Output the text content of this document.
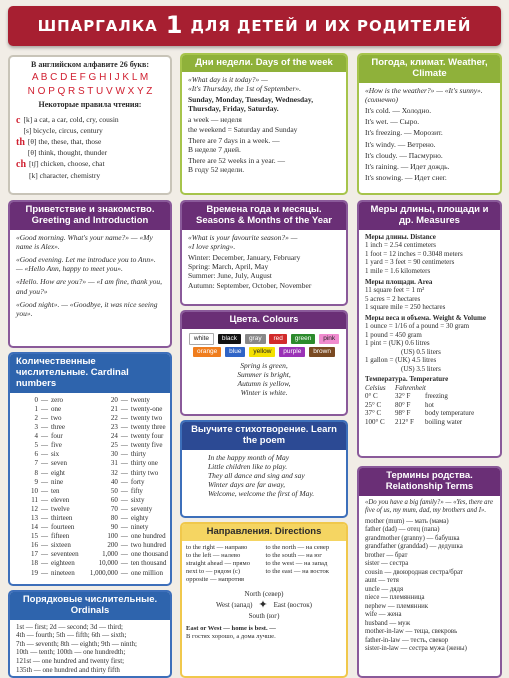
ШПАРГАЛКА 1 ДЛЯ ДЕТЕЙ И ИХ РОДИТЕЛЕЙ

В английском алфавите 26 букв:

A B C D E F G H I J K L M

N O P Q R S T U V W X Y Z

Некоторые правила чтения:

c [k] a cat, a car, cold, cry, cousin

[s] bicycle, circus, century

th [θ] the, these, that, those

[θ] think, thought, thunder

ch [tʃ] chicken, choose, chat

[k] character, chemistry

Дни недели. Days of the week

«What day is it today?» —

«It's Thursday, the 1st of September».

Sunday, Monday, Tuesday, Wednesday, Thursday, Friday, Saturday.

a week — неделя

the weekend = Saturday and Sunday

There are 7 days in a week. —

В неделе 7 дней.

There are 52 weeks in a year. —

В году 52 недели.

Погода, климат. Weather, Climate

«How is the weather?» — «It's sunny». (солнечно)

It's cold. — Холодно.

It's wet. — Сыро.

It's freezing. — Морозит.

It's windy. — Ветрено.

It's cloudy. — Пасмурно.

It's raining. — Идет дождь.

It's snowing. — Идет снег.

Приветствие и знакомство. Greeting and Introduction

«Good morning. What's your name?» — «My name is Alex».

«Good evening. Let me introduce you to Ann». — «Hello Ann, happy to meet you».

«Hello. How are you?» — «I am fine, thank you, and you?»

«Good night». — «Goodbye, it was nice seeing you».

Времена года и месяцы. Seasons & Months of the Year

«What is your favourite season?» —

«I love spring».

Winter: December, January, February

Spring: March, April, May

Summer: June, July, August

Autumn: September, October, November

Цвета. Colours
white black gray red green pink
orange blue yellow purple brown

Spring is green,

Summer is bright,

Autumn is yellow,

Winter is white.

Выучите стихотворение. Learn the poem

In the happy month of May

Little children like to play.

They all dance and sing and say

Winter days are far away,

Welcome, welcome the first of May.

Меры длины, площади и др. Measures

Меры длины. Distance

1 inch = 2.54 centimeters

1 foot = 12 inches = 0.3048 meters

1 yard = 3 feet = 90 centimeters

1 mile = 1.6 kilometers

Меры площади. Area

11 square feet = 1 m²

5 acres = 2 hectares

1 square mile = 250 hectares

Меры веса и объема. Weight & Volume

1 ounce = 1/16 of a pound = 30 gram

1 pound = 450 gram

1 pint = (UK) 0.6 litres

(US) 0.5 liters

1 gallon = (UK) 4.5 litres

(US) 3.5 liters

Температура. Temperature

Celsius	Fahrenheit
0° C	32° F	freezing
25° C	80° F	hot
37° C	98° F	body temperature
100° C	212° F	boiling water
Количественные числительные. Cardinal numbers
0 — zero	20 — twenty
1 — one	21 — twenty-one
2 — two	22 — twenty two
3 — three	23 — twenty three
4 — four	24 — twenty four
5 — five	25 — twenty five
6 — six	30 — thirty
7 — seven	31 — thirty one
8 — eight	32 — thirty two
9 — nine	40 — forty
10 — ten	50 — fifty
11 — eleven	60 — sixty
12 — twelve	70 — seventy
13 — thirteen	80 — eighty
14 — fourteen	90 — ninety
15 — fifteen	100 — one hundred
16 — sixteen	200 — two hundred
17 — seventeen	1,000 — one thousand
18 — eighteen	10,000 — ten thousand
19 — nineteen	1,000,000 — one million
Порядковые числительные. Ordinals

1st — first; 2d — second; 3d — third;

4th — fourth; 5th — fifth; 6th — sixth;

7th — seventh; 8th — eighth; 9th — ninth;

10th — tenth; 100th — one hundredth;

121st — one hundred and twenty first;

135th — one hundred and thirty fifth

Направления. Directions
to the right — направо	to the north — на север
to the left — налево	to the south — на юг
straight ahead — прямо	to the west — на запад
next to — рядом (с)	to the east — на восток
opposite — напротив

North (север)

West (запад) ✦ East (восток)

South (юг)

East or West — home is best. —

В гостях хорошо, а дома лучше.

Термины родства. Relationship Terms

«Do you have a big family?» — «Yes, there are five of us, my mum, dad, my brothers and I».

mother (mum) — мать (мама)

father (dad) — отец (папа)

grandmother (granny) — бабушка

grandfather (granddad) — дедушка

brother — брат

sister — сестра

cousin — двоюродная сестра/брат

aunt — тетя

uncle — дядя

niece — племянница

nephew — племянник

wife — жена

husband — муж

mother-in-law — теща, свекровь

father-in-law — тесть, свекор

sister-in-law — сестра мужа (жены)
